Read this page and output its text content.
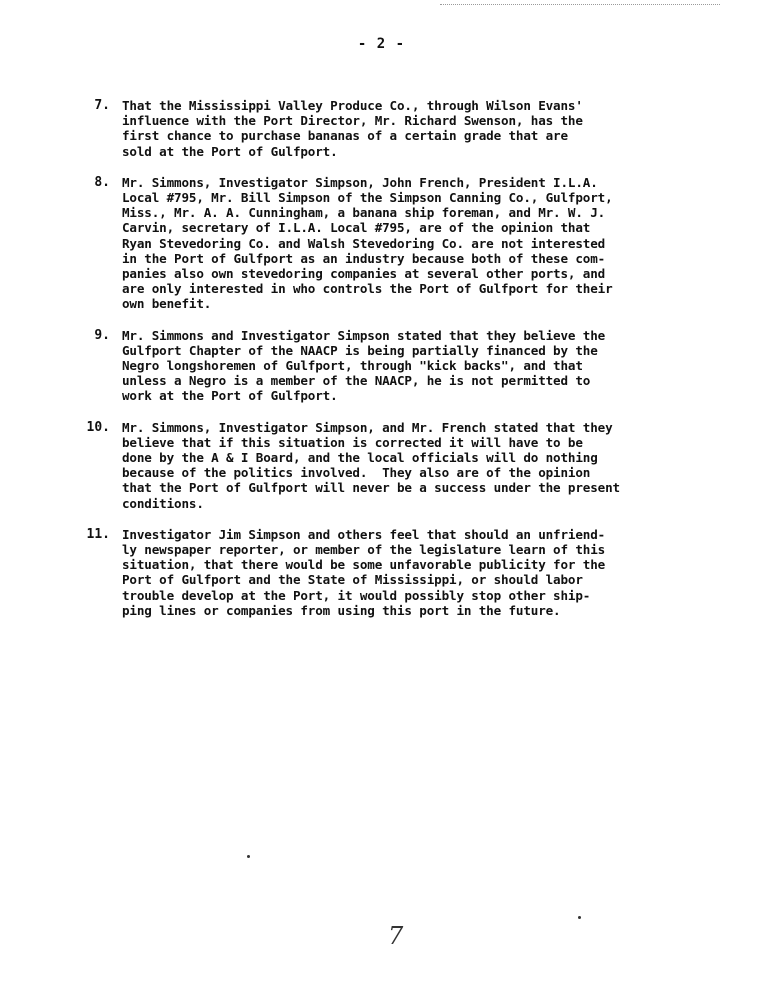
- 2 -
7. That the Mississippi Valley Produce Co., through Wilson Evans'
influence with the Port Director, Mr. Richard Swenson, has the
first chance to purchase bananas of a certain grade that are
sold at the Port of Gulfport.
8. Mr. Simmons, Investigator Simpson, John French, President I.L.A.
Local #795, Mr. Bill Simpson of the Simpson Canning Co., Gulfport,
Miss., Mr. A. A. Cunningham, a banana ship foreman, and Mr. W. J.
Carvin, secretary of I.L.A. Local #795, are of the opinion that
Ryan Stevedoring Co. and Walsh Stevedoring Co. are not interested
in the Port of Gulfport as an industry because both of these com-
panies also own stevedoring companies at several other ports, and
are only interested in who controls the Port of Gulfport for their
own benefit.
9. Mr. Simmons and Investigator Simpson stated that they believe the
Gulfport Chapter of the NAACP is being partially financed by the
Negro longshoremen of Gulfport, through "kick backs", and that
unless a Negro is a member of the NAACP, he is not permitted to
work at the Port of Gulfport.
10. Mr. Simmons, Investigator Simpson, and Mr. French stated that they
believe that if this situation is corrected it will have to be
done by the A & I Board, and the local officials will do nothing
because of the politics involved.  They also are of the opinion
that the Port of Gulfport will never be a success under the present
conditions.
11. Investigator Jim Simpson and others feel that should an unfriend-
ly newspaper reporter, or member of the legislature learn of this
situation, that there would be some unfavorable publicity for the
Port of Gulfport and the State of Mississippi, or should labor
trouble develop at the Port, it would possibly stop other ship-
ping lines or companies from using this port in the future.
7
